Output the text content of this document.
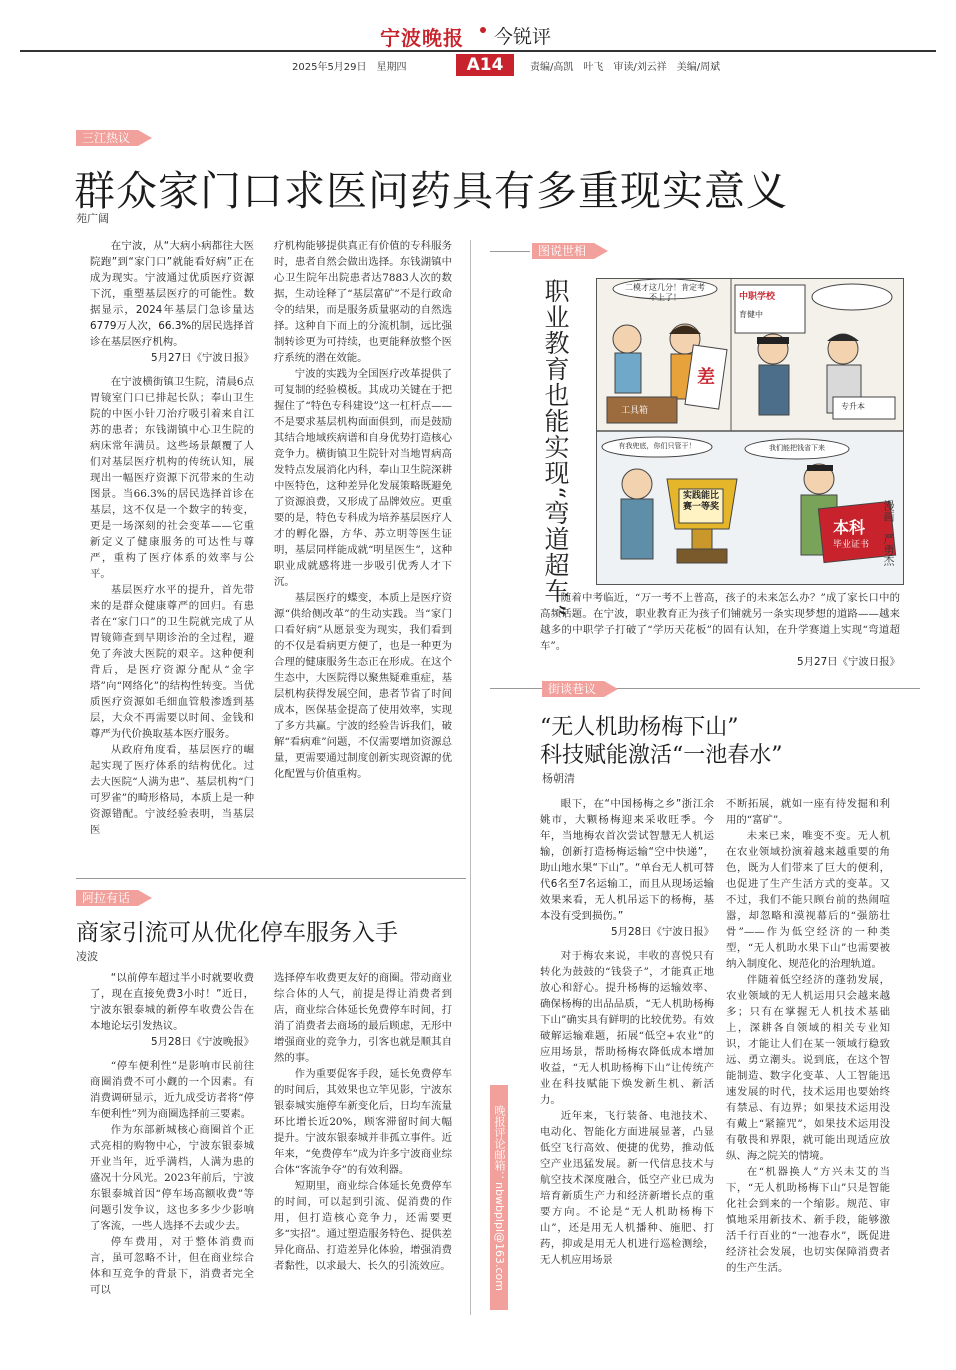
宁波晚报 今锐评
2025年5月29日　星期四	A14	责编/高凯　叶飞　审读/刘云祥　美编/周斌
三江热议
群众家门口求医问药具有多重现实意义
苑广阔

在宁波，从“大病小病都往大医院跑”到“家门口”就能看好病”正在成为现实。宁波通过优质医疗资源下沉，重塑基层医疗的可能性。数据显示，2024年基层门急诊量达6779万人次，66.3%的居民选择首诊在基层医疗机构。

5月27日《宁波日报》

在宁波横街镇卫生院，清晨6点胃镜室门口已排起长队；奉山卫生院的中医小针刀治疗吸引着来自江苏的患者；东钱湖镇中心卫生院的病床常年满员。这些场景颠覆了人们对基层医疗机构的传统认知，展现出一幅医疗资源下沉带来的生动图景。当66.3%的居民选择首诊在基层，这不仅是一个数字的转变，更是一场深刻的社会变革——它重新定义了健康服务的可达性与尊严，重构了医疗体系的效率与公平。

基层医疗水平的提升，首先带来的是群众健康尊严的回归。有患者在“家门口”的卫生院就完成了从胃镜筛查到早期诊治的全过程，避免了奔波大医院的艰辛。这种便利背后，是医疗资源分配从“金字塔”向“网络化”的结构性转变。当优质医疗资源如毛细血管般渗透到基层，大众不再需要以时间、金钱和尊严为代价换取基本医疗服务。

从政府角度看，基层医疗的崛起实现了医疗体系的结构优化。过去大医院“人满为患”、基层机构“门可罗雀”的畸形格局，本质上是一种资源错配。宁波经验表明，当基层医

疗机构能够提供真正有价值的专科服务时，患者自然会做出选择。东钱湖镇中心卫生院年出院患者达7883人次的数据，生动诠释了“基层富矿”不是行政命令的结果，而是服务质量驱动的自然选择。这种自下而上的分流机制，远比强制转诊更为可持续，也更能释放整个医疗系统的潜在效能。

宁波的实践为全国医疗改革提供了可复制的经验模板。其成功关键在于把握住了“特色专科建设”这一杠杆点——不是要求基层机构面面俱到，而是鼓励其结合地域疾病谱和自身优势打造核心竞争力。横街镇卫生院针对当地胃病高发特点发展消化内科，奉山卫生院深耕中医特色，这种差异化发展策略既避免了资源浪费，又形成了品牌效应。更重要的是，特色专科成为培养基层医疗人才的孵化器，方华、苏立明等医生证明，基层同样能成就“明星医生”，这种职业成就感将进一步吸引优秀人才下沉。

基层医疗的蝶变，本质上是医疗资源“供给侧改革”的生动实践。当“家门口看好病”从愿景变为现实，我们看到的不仅是看病更方便了，也是一种更为合理的健康服务生态正在形成。在这个生态中，大医院得以聚焦疑难重症，基层机构获得发展空间，患者节省了时间成本，医保基金提高了使用效率，实现了多方共赢。宁波的经验告诉我们，破解“看病难”问题，不仅需要增加资源总量，更需要通过制度创新实现资源的优化配置与价值重构。

阿拉有话
商家引流可从优化停车服务入手
凌波

“以前停车超过半小时就要收费了，现在直接免费3小时！”近日，宁波东银泰城的新停车收费公告在本地论坛引发热议。

5月28日《宁波晚报》

“停车便利性”是影响市民前往商圈消费不可小觑的一个因素。有消费调研显示，近九成受访者将“停车便利性”列为商圈选择前三要素。

作为东部新城核心商圈首个正式亮相的购物中心，宁波东银泰城开业当年，近乎满档，人满为患的盛况十分风光。2023年前后，宁波东银泰城首因“停车场高额收费”等问题引发争议，这也多多少少影响了客流，一些人选择不去或少去。

停车费用，对于整体消费而言，虽可忽略不计，但在商业综合体和互竞争的背景下，消费者完全可以

选择停车收费更友好的商圈。带动商业综合体的人气，前提是得让消费者到店，商业综合体延长免费停车时间，打消了消费者去商场的最后顾虑，无形中增强商业的竞争力，引客也就是顺其自然的事。

作为重要促客手段，延长免费停车的时间后，其效果也立竿见影，宁波东银泰城实施停车新变化后，日均车流量环比增长近20%，顾客滞留时间大幅提升。宁波东银泰城并非孤立事件。近年来，“免费停车”成为许多宁波商业综合体“客流争夺”的有效利器。

短期里，商业综合体延长免费停车的时间，可以起到引流、促消费的作用，但打造核心竞争力，还需要更多“实招”。通过塑造服务特色、提供差异化商品、打造差异化体验，增强消费者黏性，以求最大、长久的引流效应。	晚报评论邮箱：nbwbplpl@163.com
图说世相
职业教育也能实现“弯道超车”	二模才这几分！肯定考不上了！
差
工具箱
中职学校
育健中
专升本
本科
毕业证书
有我兜底，你们只管干！	我们能把钱省下来
实践能比赛一等奖	漫画　严勇杰

随着中考临近，“万一考不上普高，孩子的未来怎么办？”成了家长口中的高频话题。在宁波，职业教育正为孩子们铺就另一条实现梦想的道路——越来越多的中职学子打破了“学历天花板”的固有认知，在升学赛道上实现“弯道超车”。

5月27日《宁波日报》

街谈巷议
“无人机助杨梅下山”
科技赋能激活“一池春水”
杨朝清

眼下，在“中国杨梅之乡”浙江余姚市，大颗杨梅迎来采收旺季。今年，当地梅农首次尝试智慧无人机运输，创新打造杨梅运输“空中快递”，助山地水果“下山”。“单台无人机可替代6名至7名运输工，而且从现场运输效果来看，无人机吊运下的杨梅，基本没有受到损伤。”

5月28日《宁波日报》

对于梅农来说，丰收的喜悦只有转化为鼓鼓的“钱袋子”，才能真正地放心和舒心。提升杨梅的运输效率、确保杨梅的出品品质，“无人机助杨梅下山”确实具有鲜明的比较优势。有效破解运输难题，拓展“低空+农业”的应用场景，帮助杨梅农降低成本增加收益，“无人机助杨梅下山”让传统产业在科技赋能下焕发新生机、新活力。

近年来，飞行装备、电池技术、电动化、智能化方面进展显著，凸显低空飞行高效、便捷的优势，推动低空产业迅猛发展。新一代信息技术与航空技术深度融合，低空产业已成为培育新质生产力和经济新增长点的重要方向。不论是“无人机助杨梅下山”，还是用无人机播种、施肥、打药，抑或是用无人机进行巡检测绘，无人机应用场景

不断拓展，就如一座有待发掘和利用的“富矿”。

未来已来，唯变不变。无人机在农业领域扮演着越来越重要的角色，既为人们带来了巨大的便利，也促进了生产生活方式的变革。又不过，我们不能只顾台前的热闹喧嚣，却忽略和漠视幕后的“强筋壮骨”——作为低空经济的一种类型，“无人机助水果下山”也需要被纳入制度化、规范化的治理轨道。

伴随着低空经济的蓬勃发展，农业领域的无人机运用只会越来越多；只有在掌握无人机技术基础上，深耕各自领域的相关专业知识，才能让人们在某一领域行稳致远、勇立潮头。说到底，在这个智能制造、数字化变革、人工智能迅速发展的时代，技术运用也要始终有禁忌、有边界；如果技术运用没有戴上“紧箍咒”，如果技术运用没有敬畏和界限，就可能出现适应放纵、海之院关的情境。

在“机器换人”方兴未艾的当下，“无人机助杨梅下山”只是智能化社会到来的一个缩影。规范、审慎地采用新技术、新手段，能够激活千行百业的“一池春水”，既促进经济社会发展，也切实保障消费者的生产生活。
